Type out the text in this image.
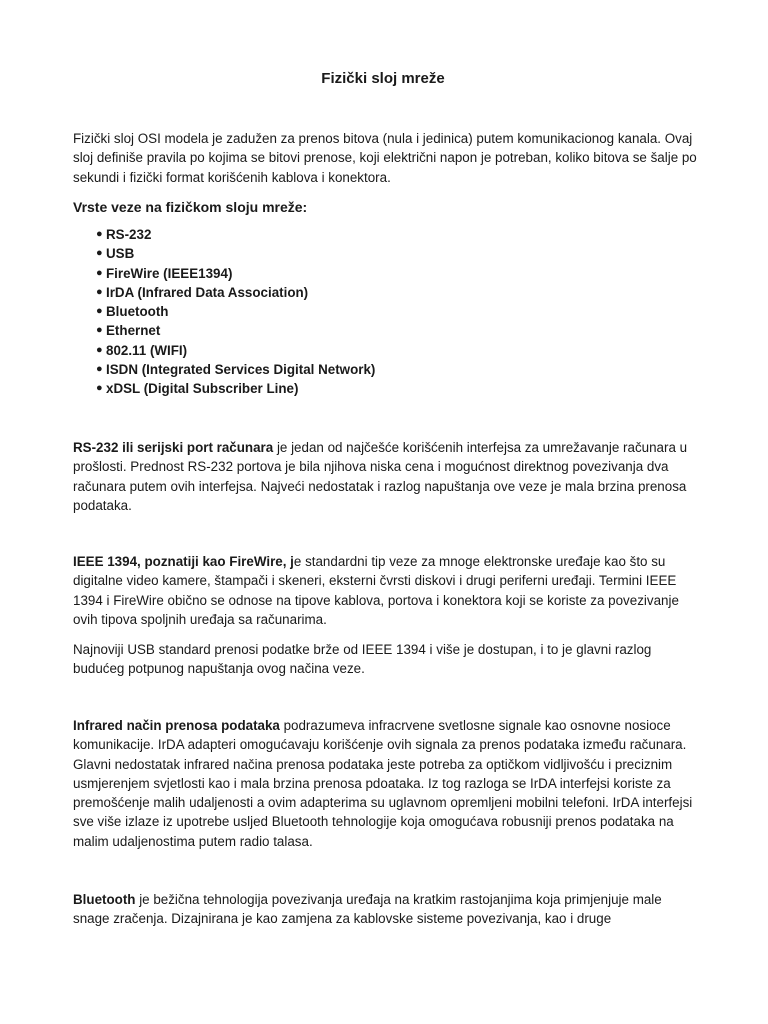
Fizički sloj mreže

Fizički sloj OSI modela je zadužen za prenos bitova (nula i jedinica) putem komunikacionog kanala. Ovaj sloj definiše pravila po kojima se bitovi prenose, koji električni napon je potreban, koliko bitova se šalje po sekundi i fizički format korišćenih kablova i konektora.

Vrste veze na fizičkom sloju mreže:

● RS-232
● USB
● FireWire (IEEE1394)
● IrDA (Infrared Data Association)
● Bluetooth
● Ethernet
● 802.11 (WIFI)
● ISDN (Integrated Services Digital Network)
● xDSL (Digital Subscriber Line)

RS-232 ili serijski port računara je jedan od najčešće korišćenih interfejsa za umrežavanje računara u prošlosti. Prednost RS-232 portova je bila njihova niska cena i mogućnost direktnog povezivanja dva računara putem ovih interfejsa. Najveći nedostatak i razlog napuštanja ove veze je mala brzina prenosa podataka.

IEEE 1394, poznatiji kao FireWire, je standardni tip veze za mnoge elektronske uređaje kao što su digitalne video kamere, štampači i skeneri, eksterni čvrsti diskovi i drugi periferni uređaji. Termini IEEE 1394 i FireWire obično se odnose na tipove kablova, portova i konektora koji se koriste za povezivanje ovih tipova spoljnih uređaja sa računarima.

Najnoviji USB standard prenosi podatke brže od IEEE 1394 i više je dostupan, i to je glavni razlog budućeg potpunog napuštanja ovog načina veze.

Infrared način prenosa podataka podrazumeva infracrvene svetlosne signale kao osnovne nosioce komunikacije. IrDA adapteri omogućavaju korišćenje ovih signala za prenos podataka između računara. Glavni nedostatak infrared načina prenosa podataka jeste potreba za optičkom vidljivošću i preciznim usmjerenjem svjetlosti kao i mala brzina prenosa pdoataka. Iz tog razloga se IrDA interfejsi koriste za premošćenje malih udaljenosti a ovim adapterima su uglavnom opremljeni mobilni telefoni. IrDA interfejsi sve više izlaze iz upotrebe usljed Bluetooth tehnologije koja omogućava robusniji prenos podataka na malim udaljenostima putem radio talasa.

Bluetooth je bežična tehnologija povezivanja uređaja na kratkim rastojanjima koja primjenjuje male snage zračenja. Dizajnirana je kao zamjena za kablovske sisteme povezivanja, kao i druge
